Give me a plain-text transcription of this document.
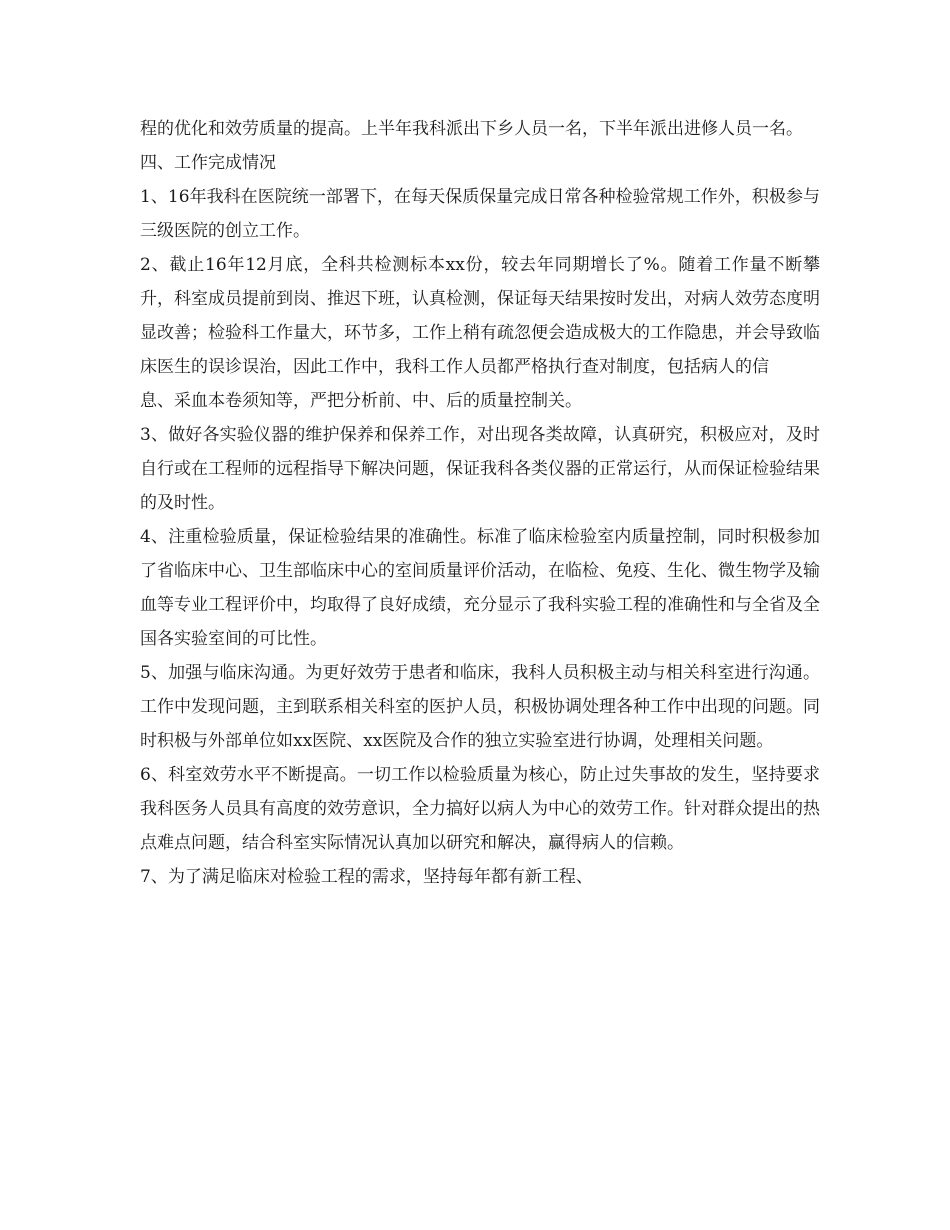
程的优化和效劳质量的提高。上半年我科派出下乡人员一名，下半年派出进修人员一名。

四、工作完成情况

1、16年我科在医院统一部署下，在每天保质保量完成日常各种检验常规工作外，积极参与三级医院的创立工作。

2、截止16年12月底，全科共检测标本xx份，较去年同期增长了%。随着工作量不断攀升，科室成员提前到岗、推迟下班，认真检测，保证每天结果按时发出，对病人效劳态度明显改善；检验科工作量大，环节多，工作上稍有疏忽便会造成极大的工作隐患，并会导致临床医生的误诊误治，因此工作中，我科工作人员都严格执行查对制度，包括病人的信

息、采血本卷须知等，严把分析前、中、后的质量控制关。

3、做好各实验仪器的维护保养和保养工作，对出现各类故障，认真研究，积极应对，及时自行或在工程师的远程指导下解决问题，保证我科各类仪器的正常运行，从而保证检验结果的及时性。

4、注重检验质量，保证检验结果的准确性。标准了临床检验室内质量控制，同时积极参加了省临床中心、卫生部临床中心的室间质量评价活动，在临检、免疫、生化、微生物学及输血等专业工程评价中，均取得了良好成绩，充分显示了我科实验工程的准确性和与全省及全国各实验室间的可比性。

5、加强与临床沟通。为更好效劳于患者和临床，我科人员积极主动与相关科室进行沟通。工作中发现问题，主到联系相关科室的医护人员，积极协调处理各种工作中出现的问题。同时积极与外部单位如xx医院、xx医院及合作的独立实验室进行协调，处理相关问题。

6、科室效劳水平不断提高。一切工作以检验质量为核心，防止过失事故的发生，坚持要求我科医务人员具有高度的效劳意识，全力搞好以病人为中心的效劳工作。针对群众提出的热点难点问题，结合科室实际情况认真加以研究和解决，赢得病人的信赖。

7、为了满足临床对检验工程的需求，坚持每年都有新工程、
